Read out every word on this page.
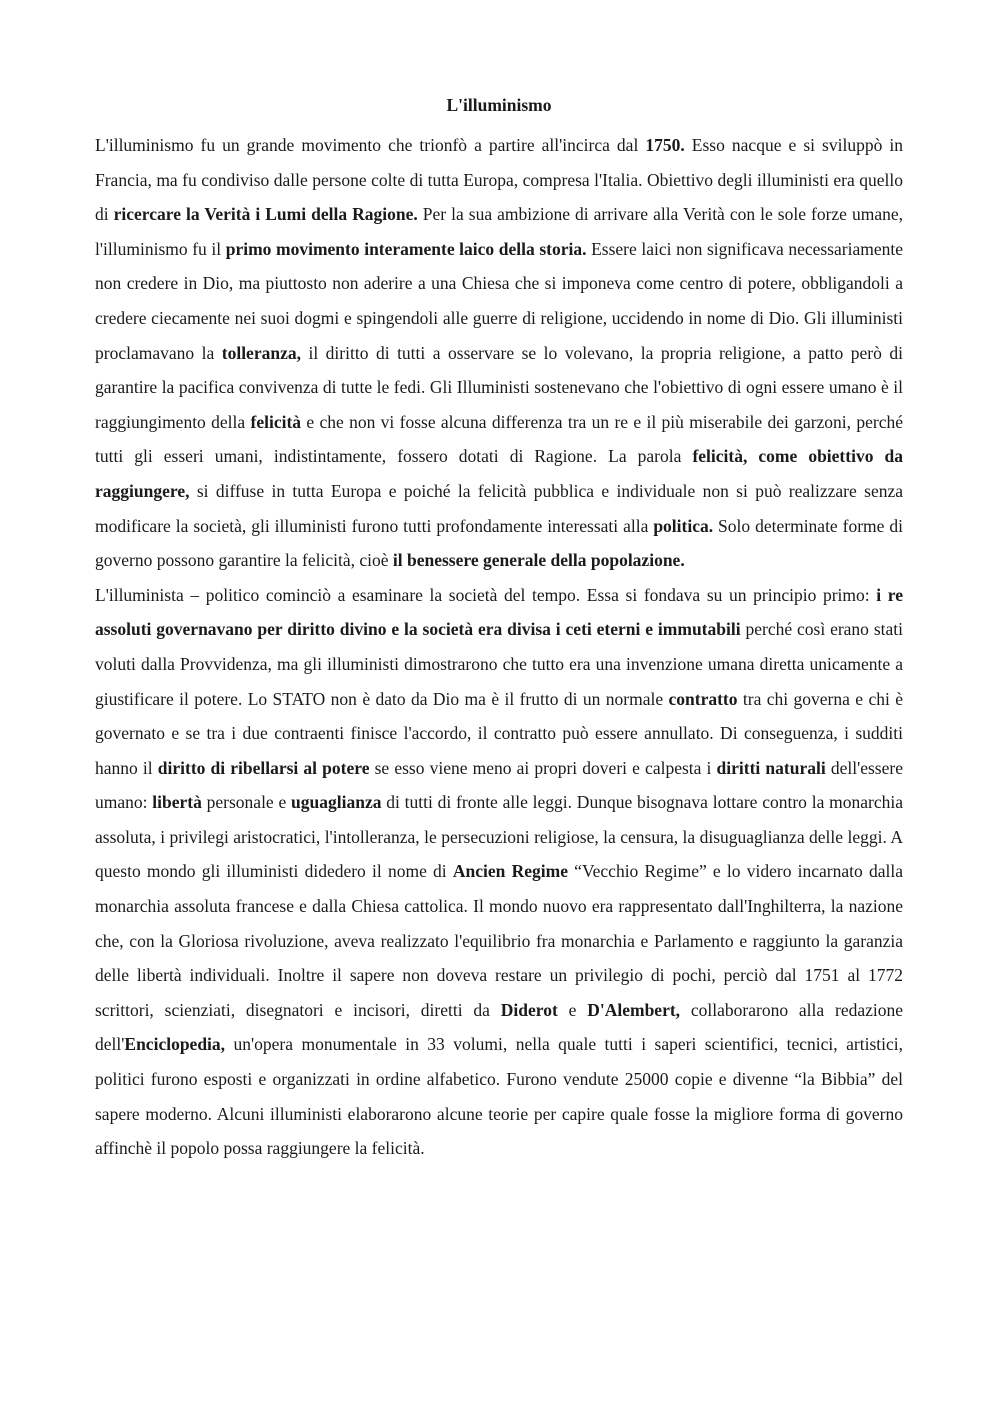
L'illuminismo

L'illuminismo fu un grande movimento che trionfò a partire all'incirca dal 1750. Esso nacque e si sviluppò in Francia, ma fu condiviso dalle persone colte di tutta Europa, compresa l'Italia. Obiettivo degli illuministi era quello di ricercare la Verità i Lumi della Ragione. Per la sua ambizione di arrivare alla Verità con le sole forze umane, l'illuminismo fu il primo movimento interamente laico della storia. Essere laici non significava necessariamente non credere in Dio, ma piuttosto non aderire a una Chiesa che si imponeva come centro di potere, obbligandoli a credere ciecamente nei suoi dogmi e spingendoli alle guerre di religione, uccidendo in nome di Dio. Gli illuministi proclamavano la tolleranza, il diritto di tutti a osservare se lo volevano, la propria religione, a patto però di garantire la pacifica convivenza di tutte le fedi. Gli Illuministi sostenevano che l'obiettivo di ogni essere umano è il raggiungimento della felicità e che non vi fosse alcuna differenza tra un re e il più miserabile dei garzoni, perché tutti gli esseri umani, indistintamente, fossero dotati di Ragione. La parola felicità, come obiettivo da raggiungere, si diffuse in tutta Europa e poiché la felicità pubblica e individuale non si può realizzare senza modificare la società, gli illuministi furono tutti profondamente interessati alla politica. Solo determinate forme di governo possono garantire la felicità, cioè il benessere generale della popolazione.

L'illuminista – politico cominciò a esaminare la società del tempo. Essa si fondava su un principio primo: i re assoluti governavano per diritto divino e la società era divisa i ceti eterni e immutabili perché così erano stati voluti dalla Provvidenza, ma gli illuministi dimostrarono che tutto era una invenzione umana diretta unicamente a giustificare il potere. Lo STATO non è dato da Dio ma è il frutto di un normale contratto tra chi governa e chi è governato e se tra i due contraenti finisce l'accordo, il contratto può essere annullato. Di conseguenza, i sudditi hanno il diritto di ribellarsi al potere se esso viene meno ai propri doveri e calpesta i diritti naturali dell'essere umano: libertà personale e uguaglianza di tutti di fronte alle leggi. Dunque bisognava lottare contro la monarchia assoluta, i privilegi aristocratici, l'intolleranza, le persecuzioni religiose, la censura, la disuguaglianza delle leggi. A questo mondo gli illuministi didedero il nome di Ancien Regime “Vecchio Regime” e lo videro incarnato dalla monarchia assoluta francese e dalla Chiesa cattolica. Il mondo nuovo era rappresentato dall'Inghilterra, la nazione che, con la Gloriosa rivoluzione, aveva realizzato l'equilibrio fra monarchia e Parlamento e raggiunto la garanzia delle libertà individuali. Inoltre il sapere non doveva restare un privilegio di pochi, perciò dal 1751 al 1772 scrittori, scienziati, disegnatori e incisori, diretti da Diderot e D'Alembert, collaborarono alla redazione dell'Enciclopedia, un'opera monumentale in 33 volumi, nella quale tutti i saperi scientifici, tecnici, artistici, politici furono esposti e organizzati in ordine alfabetico. Furono vendute 25000 copie e divenne “la Bibbia” del sapere moderno. Alcuni illuministi elaborarono alcune teorie per capire quale fosse la migliore forma di governo affinchè il popolo possa raggiungere la felicità.
